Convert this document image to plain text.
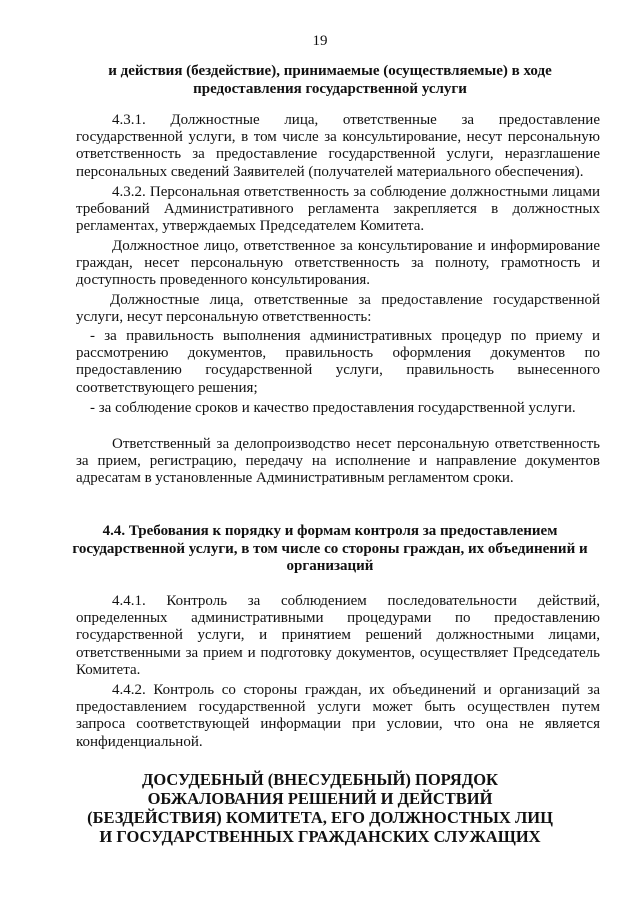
19
и действия (бездействие), принимаемые (осуществляемые) в ходе предоставления государственной услуги
4.3.1. Должностные лица, ответственные за предоставление государственной услуги, в том числе за консультирование, несут персональную ответственность за предоставление государственной услуги, неразглашение персональных сведений Заявителей (получателей материального обеспечения).
4.3.2. Персональная ответственность за соблюдение должностными лицами требований Административного регламента закрепляется в должностных регламентах, утверждаемых Председателем Комитета.
Должностное лицо, ответственное за консультирование и информирование граждан, несет персональную ответственность за полноту, грамотность и доступность проведенного консультирования.
Должностные лица, ответственные за предоставление государственной услуги, несут персональную ответственность:
- за правильность выполнения административных процедур по приему и рассмотрению документов, правильность оформления документов по предоставлению государственной услуги, правильность вынесенного соответствующего решения;
- за соблюдение сроков и качество предоставления государственной услуги.
Ответственный за делопроизводство несет персональную ответственность за прием, регистрацию, передачу на исполнение и направление документов адресатам в установленные Административным регламентом сроки.
4.4. Требования к порядку и формам контроля за предоставлением государственной услуги, в том числе со стороны граждан, их объединений и организаций
4.4.1. Контроль за соблюдением последовательности действий, определенных административными процедурами по предоставлению государственной услуги, и принятием решений должностными лицами, ответственными за прием и подготовку документов, осуществляет Председатель Комитета.
4.4.2. Контроль со стороны граждан, их объединений и организаций за предоставлением государственной услуги может быть осуществлен путем запроса соответствующей информации при условии, что она не является конфиденциальной.
ДОСУДЕБНЫЙ (ВНЕСУДЕБНЫЙ) ПОРЯДОК ОБЖАЛОВАНИЯ РЕШЕНИЙ И ДЕЙСТВИЙ (БЕЗДЕЙСТВИЯ) КОМИТЕТА, ЕГО ДОЛЖНОСТНЫХ ЛИЦ И ГОСУДАРСТВЕННЫХ ГРАЖДАНСКИХ СЛУЖАЩИХ
